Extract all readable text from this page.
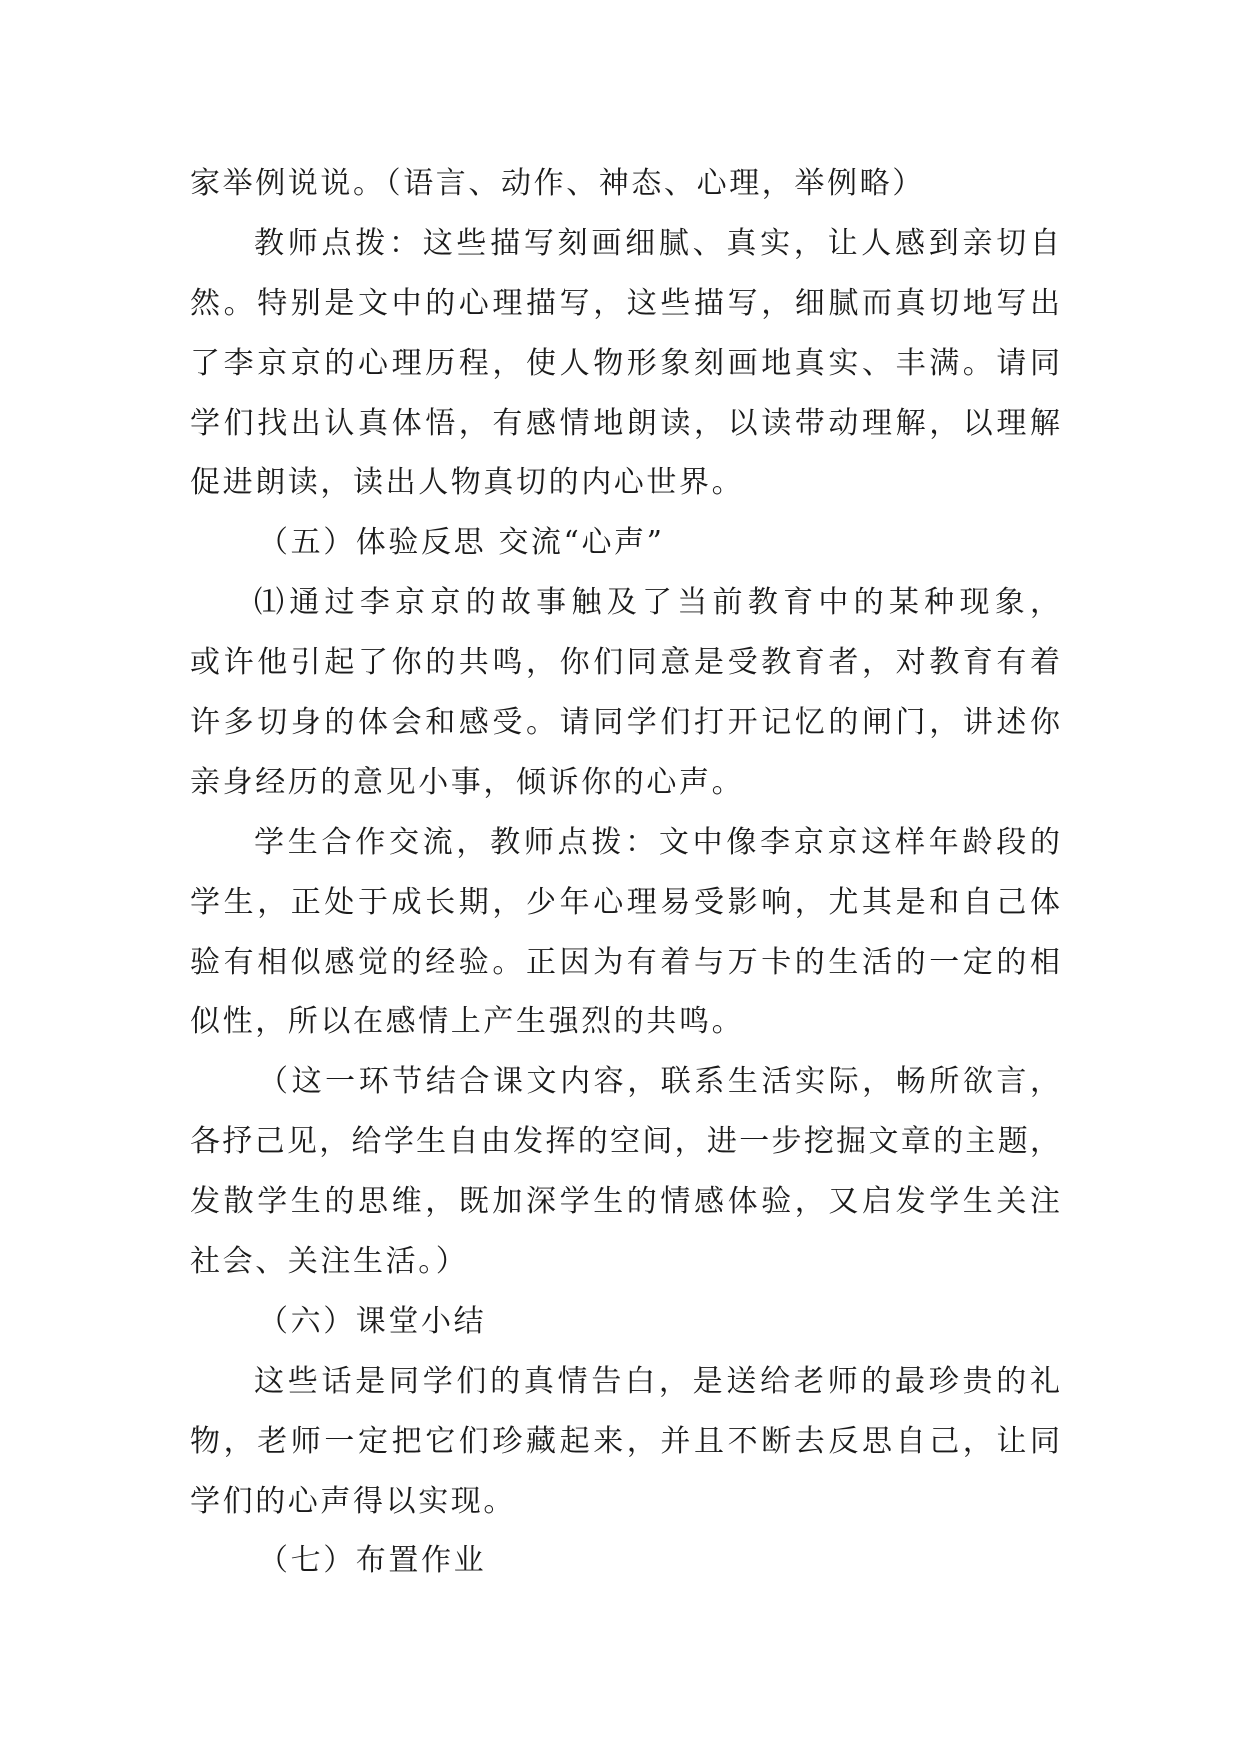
家举例说说。（语言、动作、神态、心理，举例略）
教师点拨：这些描写刻画细腻、真实，让人感到亲切自
然。特别是文中的心理描写，这些描写，细腻而真切地写出
了李京京的心理历程，使人物形象刻画地真实、丰满。请同
学们找出认真体悟，有感情地朗读，以读带动理解，以理解
促进朗读，读出人物真切的内心世界。
（五）体验反思 交流“心声”
⑴通过李京京的故事触及了当前教育中的某种现象，
或许他引起了你的共鸣，你们同意是受教育者，对教育有着
许多切身的体会和感受。请同学们打开记忆的闸门，讲述你
亲身经历的意见小事，倾诉你的心声。
学生合作交流，教师点拨：文中像李京京这样年龄段的
学生，正处于成长期，少年心理易受影响，尤其是和自己体
验有相似感觉的经验。正因为有着与万卡的生活的一定的相
似性，所以在感情上产生强烈的共鸣。
（这一环节结合课文内容，联系生活实际，畅所欲言，
各抒己见，给学生自由发挥的空间，进一步挖掘文章的主题，
发散学生的思维，既加深学生的情感体验，又启发学生关注
社会、关注生活。）
（六）课堂小结
这些话是同学们的真情告白，是送给老师的最珍贵的礼
物，老师一定把它们珍藏起来，并且不断去反思自己，让同
学们的心声得以实现。
（七）布置作业
